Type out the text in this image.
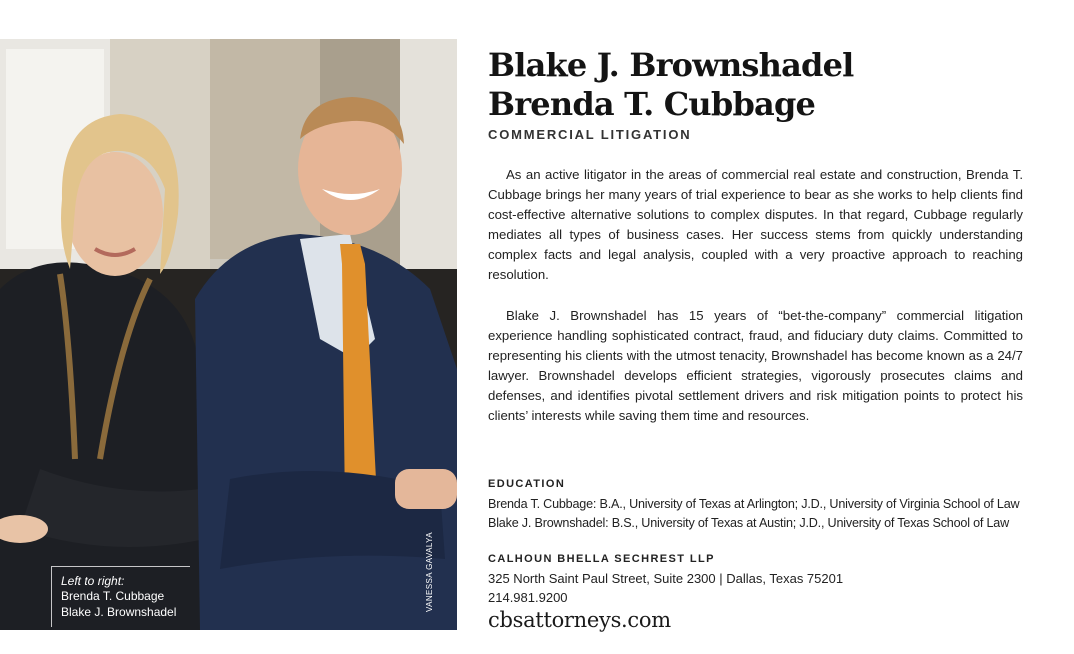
Left to right:
Brenda T. Cubbage
Blake J. Brownshadel	VANESSA GAVALYA
Blake J. Brownshadel
Brenda T. Cubbage
COMMERCIAL LITIGATION

As an active litigator in the areas of commercial real estate and construction, Brenda T. Cubbage brings her many years of trial experience to bear as she works to help clients find cost-effective alternative solutions to complex disputes. In that regard, Cubbage regularly mediates all types of business cases. Her success stems from quickly understanding complex facts and legal analysis, coupled with a very proactive approach to reaching resolution.

Blake J. Brownshadel has 15 years of “bet-the-company” commercial litigation experience handling sophisticated contract, fraud, and fiduciary duty claims. Committed to representing his clients with the utmost tenacity, Brownshadel has become known as a 24/7 lawyer. Brownshadel develops efficient strategies, vigorously prosecutes claims and defenses, and identifies pivotal settlement drivers and risk mitigation points to protect his clients’ interests while saving them time and resources.

EDUCATION
Brenda T. Cubbage: B.A., University of Texas at Arlington; J.D., University of Virginia School of Law
Blake J. Brownshadel: B.S., University of Texas at Austin; J.D., University of Texas School of Law
CALHOUN BHELLA SECHREST LLP
325 North Saint Paul Street, Suite 2300 | Dallas, Texas 75201
214.981.9200
cbsattorneys.com
